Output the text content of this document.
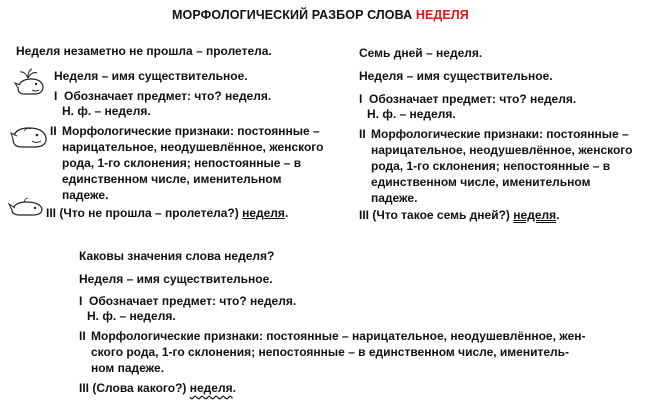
МОРФОЛОГИЧЕСКИЙ РАЗБОР СЛОВА НЕДЕЛЯ
Неделя незаметно не прошла – пролетела.
Неделя – имя существительное.
I Обозначает предмет: что? неделя.
Н. ф. – неделя.
II Морфологические признаки: постоянные –
нарицательное, неодушевлённое, женского
рода, 1-го склонения; непостоянные – в
единственном числе, именительном
падеже.
III (Что не прошла – пролетела?) неделя.
Семь дней – неделя.
Неделя – имя существительное.
I Обозначает предмет: что? неделя.
Н. ф. – неделя.
II Морфологические признаки: постоянные –
нарицательное, неодушевлённое, женского
рода, 1-го склонения; непостоянные – в
единственном числе, именительном
падеже.
III (Что такое семь дней?) неделя.
Каковы значения слова неделя?
Неделя – имя существительное.
I Обозначает предмет: что? неделя.
Н. ф. – неделя.
II Морфологические признаки: постоянные – нарицательное, неодушевлённое, жен-
ского рода, 1-го склонения; непостоянные – в единственном числе, именитель-
ном падеже.
III (Слова какого?) неделя.
